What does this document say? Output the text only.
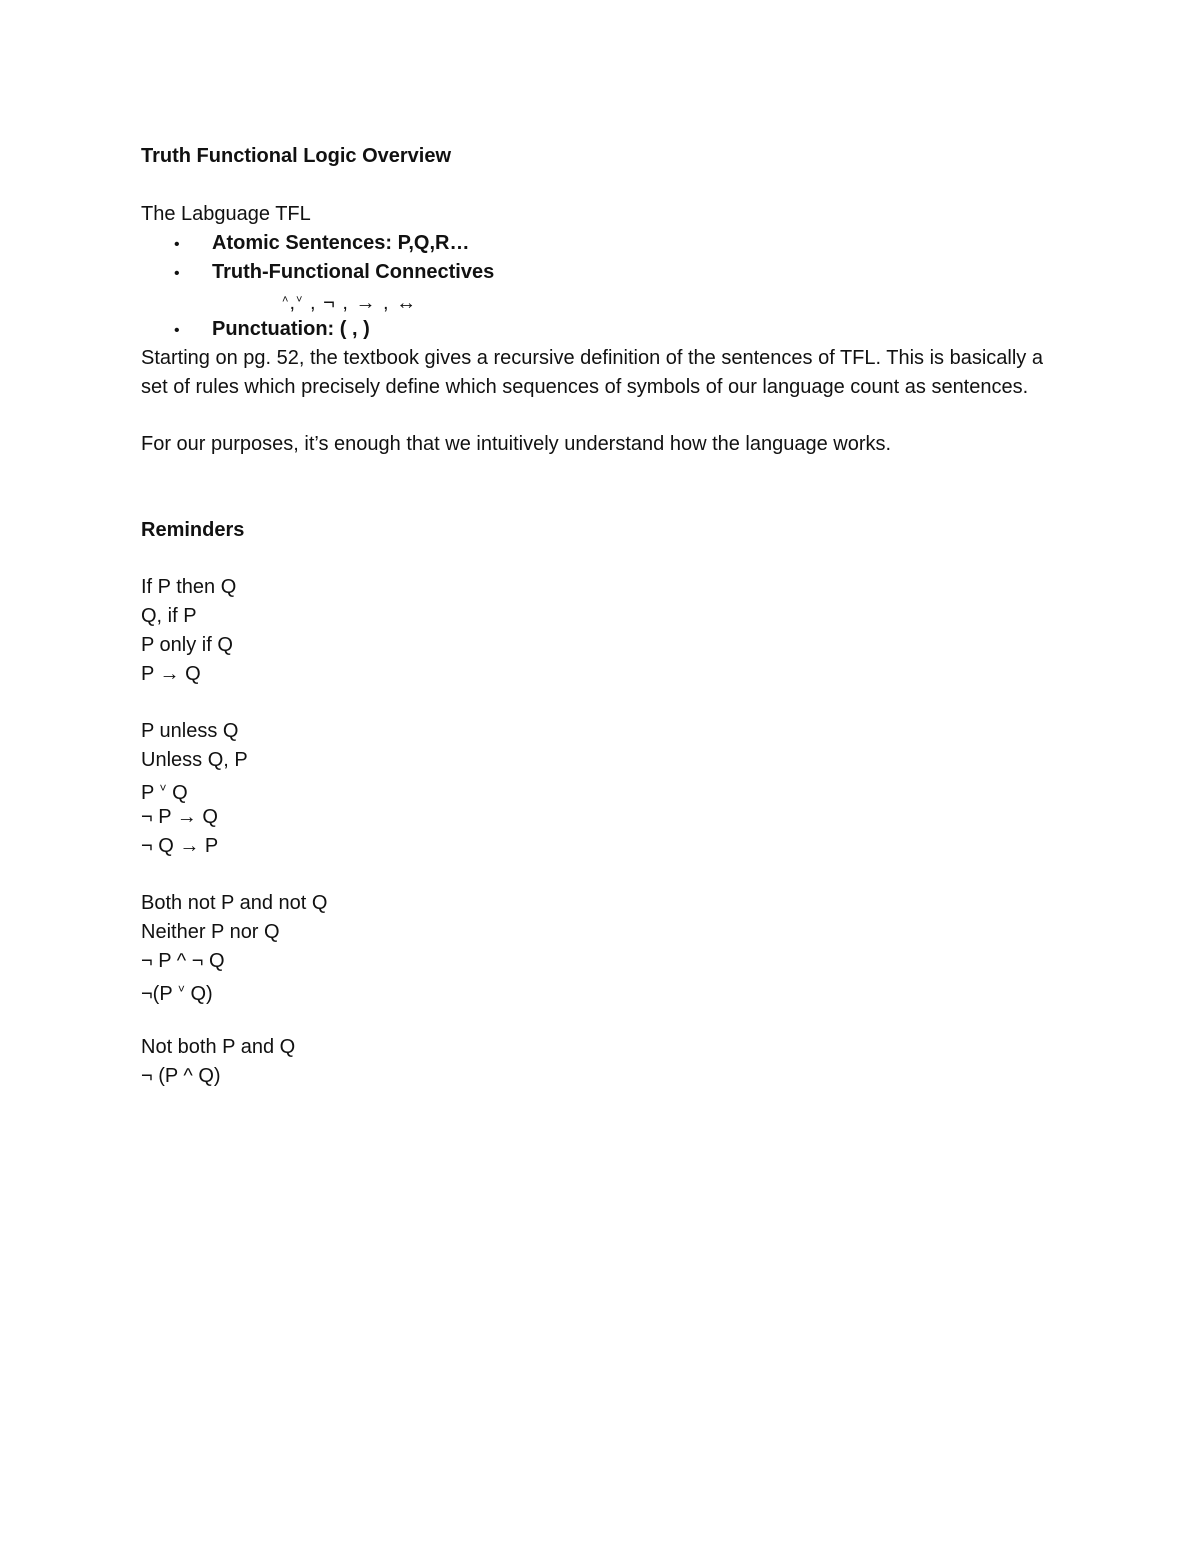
Truth Functional Logic Overview
The Labguage TFL
• Atomic Sentences: P,Q,R…
• Truth-Functional Connectives
˄,˅ , ¬ , → , ↔
• Punctuation: ( , )
Starting on pg. 52, the textbook gives a recursive definition of the sentences of TFL. This is basically a set of rules which precisely define which sequences of symbols of our language count as sentences.
For our purposes, it’s enough that we intuitively understand how the language works.
Reminders
If P then Q
Q, if P
P only if Q
P → Q
P unless Q
Unless Q, P
P ˅ Q
¬ P → Q
¬ Q → P
Both not P and not Q
Neither P nor Q
¬ P ^ ¬ Q
¬(P ˅ Q)
Not both P and Q
¬ (P ^ Q)
